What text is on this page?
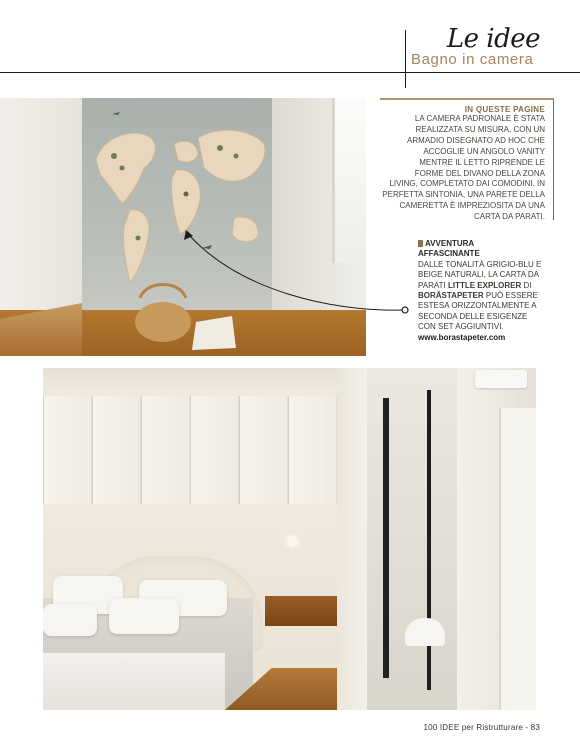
Le idee
Bagno in camera
IN QUESTE PAGINE
LA CAMERA PADRONALE È STATA
REALIZZATA SU MISURA, CON UN
ARMADIO DISEGNATO AD HOC CHE
ACCOGLIE UN ANGOLO VANITY
MENTRE IL LETTO RIPRENDE LE
FORME DEL DIVANO DELLA ZONA
LIVING, COMPLETATO DAI COMODINI. IN
PERFETTA SINTONIA, UNA PARETE DELLA
CAMERETTA È IMPREZIOSITA DA UNA
CARTA DA PARATI.
AVVENTURA
AFFASCINANTE
DALLE TONALITÀ GRIGIO-BLU E BEIGE NATURALI, LA CARTA DA PARATI LITTLE EXPLORER DI BORÅSTAPETER PUÒ ESSERE ESTESA ORIZZONTALMENTE A SECONDA DELLE ESIGENZE CON SET AGGIUNTIVI.
www.borastapeter.com
100 IDEE per Ristrutturare - 83
